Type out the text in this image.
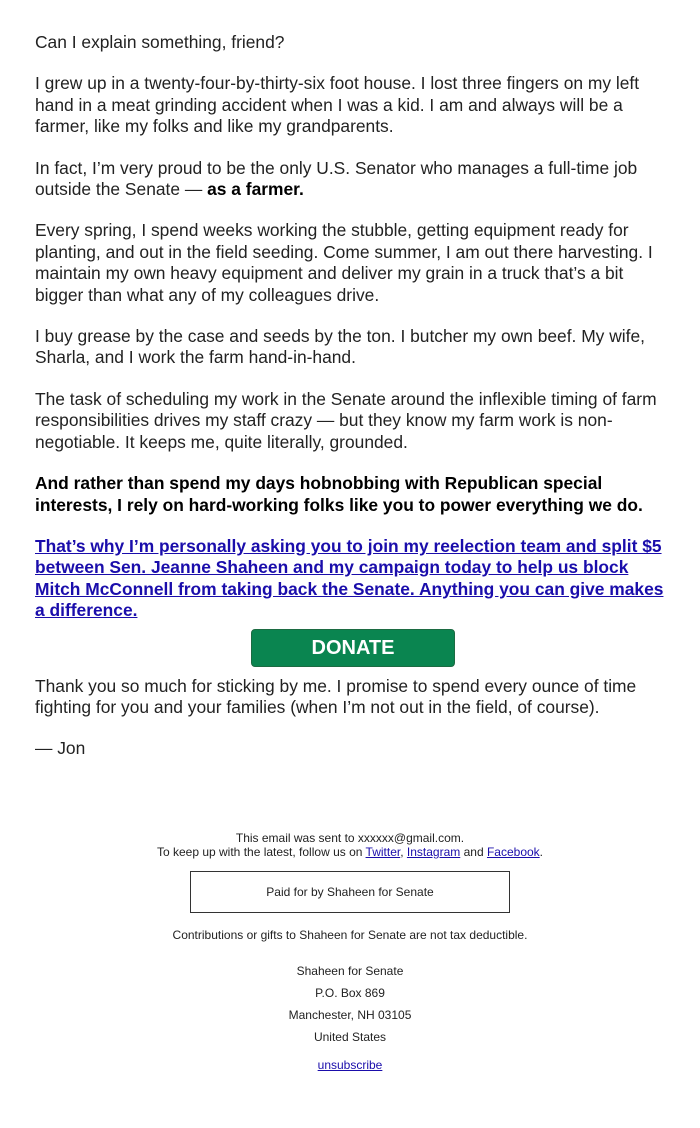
Can I explain something, friend?

I grew up in a twenty-four-by-thirty-six foot house. I lost three fingers on my left hand in a meat grinding accident when I was a kid. I am and always will be a farmer, like my folks and like my grandparents.

In fact, I’m very proud to be the only U.S. Senator who manages a full-time job outside the Senate — as a farmer.

Every spring, I spend weeks working the stubble, getting equipment ready for planting, and out in the field seeding. Come summer, I am out there harvesting. I maintain my own heavy equipment and deliver my grain in a truck that’s a bit bigger than what any of my colleagues drive.

I buy grease by the case and seeds by the ton. I butcher my own beef. My wife, Sharla, and I work the farm hand-in-hand.

The task of scheduling my work in the Senate around the inflexible timing of farm responsibilities drives my staff crazy — but they know my farm work is non-negotiable. It keeps me, quite literally, grounded.

And rather than spend my days hobnobbing with Republican special interests, I rely on hard-working folks like you to power everything we do.

That’s why I’m personally asking you to join my reelection team and split $5 between Sen. Jeanne Shaheen and my campaign today to help us block Mitch McConnell from taking back the Senate. Anything you can give makes a difference.

DONATE

Thank you so much for sticking by me. I promise to spend every ounce of time fighting for you and your families (when I’m not out in the field, of course).

— Jon

This email was sent to xxxxxx@gmail.com.
To keep up with the latest, follow us on Twitter, Instagram and Facebook.
Paid for by Shaheen for Senate
Contributions or gifts to Shaheen for Senate are not tax deductible.
Shaheen for Senate
P.O. Box 869
Manchester, NH 03105
United States
unsubscribe
